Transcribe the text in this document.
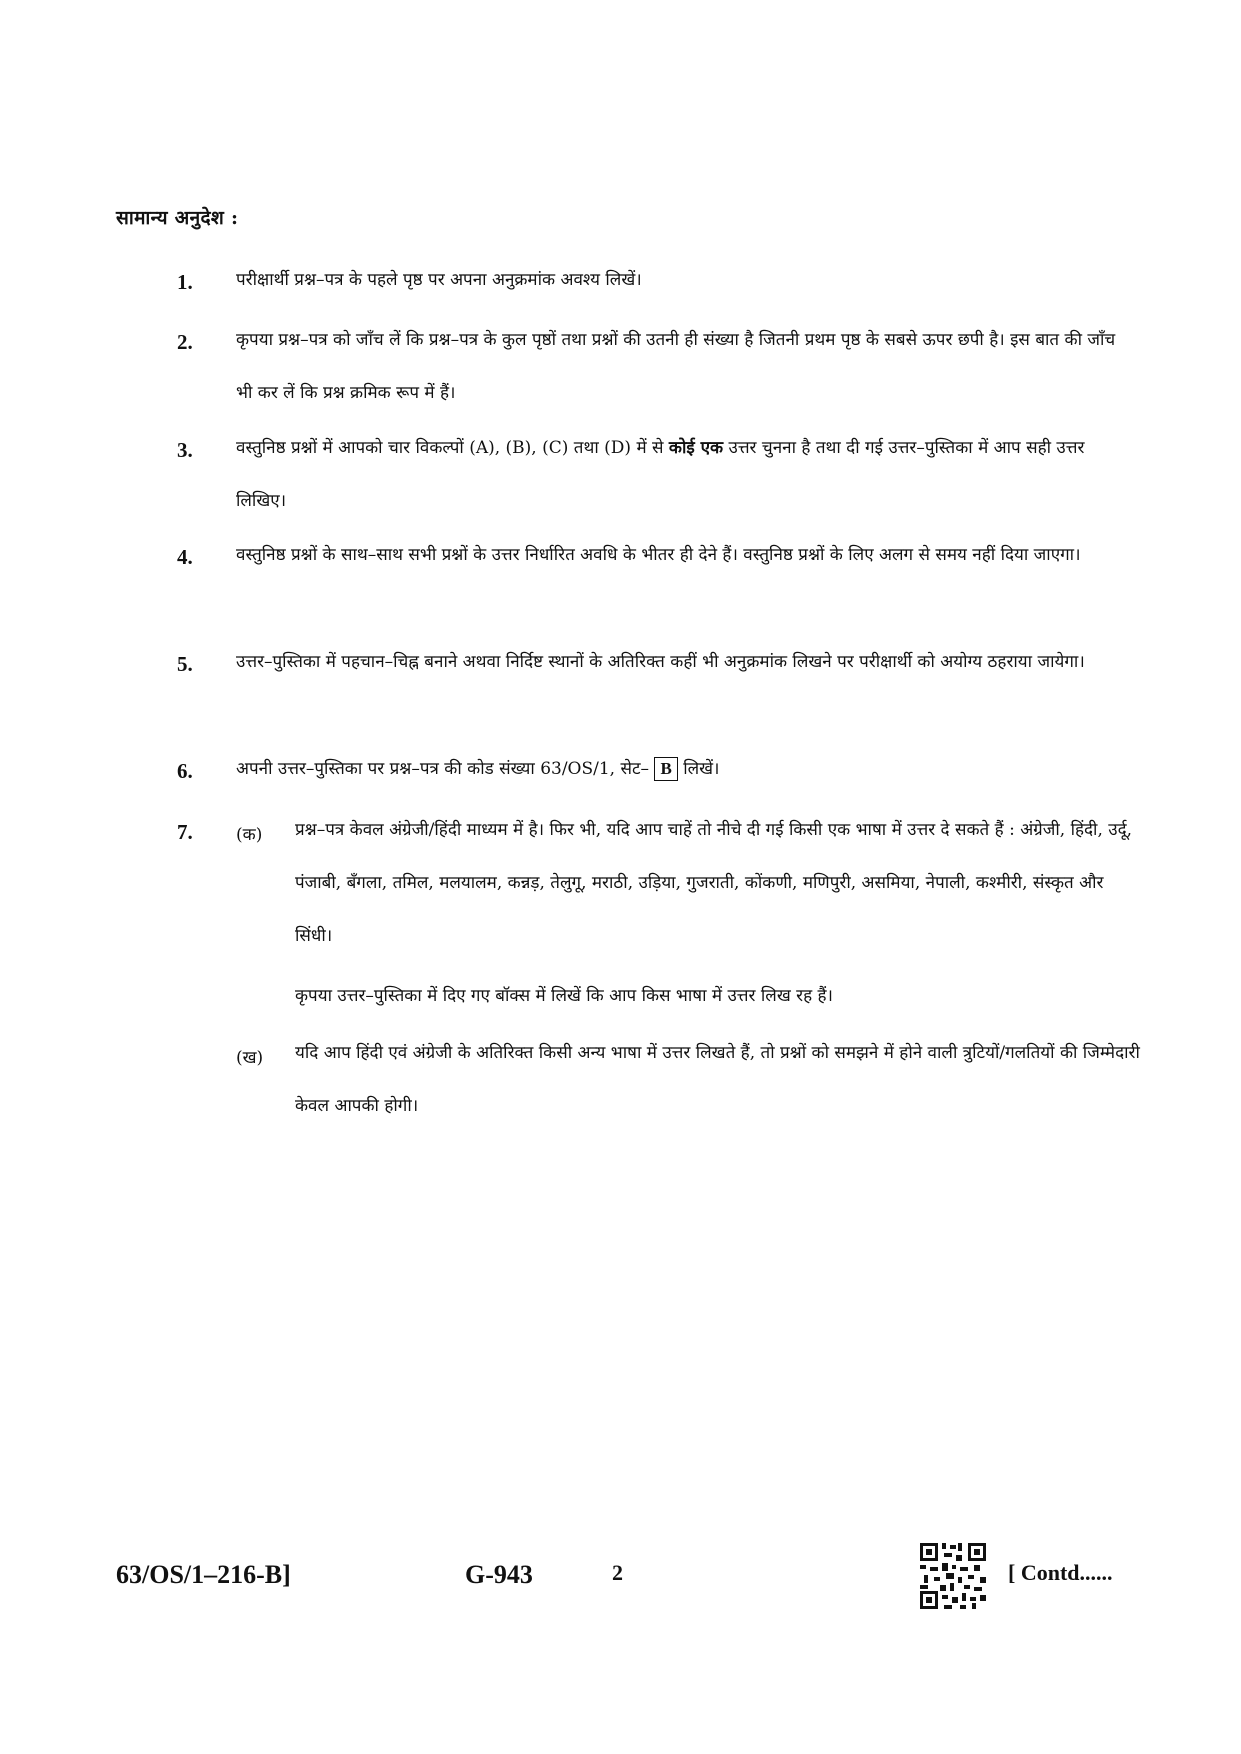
सामान्य अनुदेश :
1.	परीक्षार्थी प्रश्न–पत्र के पहले पृष्ठ पर अपना अनुक्रमांक अवश्य लिखें।
2.	कृपया प्रश्न–पत्र को जाँच लें कि प्रश्न–पत्र के कुल पृष्ठों तथा प्रश्नों की उतनी ही संख्या है जितनी प्रथम पृष्ठ के सबसे ऊपर छपी है। इस बात की जाँच भी कर लें कि प्रश्न क्रमिक रूप में हैं।
3.	वस्तुनिष्ठ प्रश्नों में आपको चार विकल्पों (A), (B), (C) तथा (D) में से कोई एक उत्तर चुनना है तथा दी गई उत्तर–पुस्तिका में आप सही उत्तर लिखिए।
4.	वस्तुनिष्ठ प्रश्नों के साथ–साथ सभी प्रश्नों के उत्तर निर्धारित अवधि के भीतर ही देने हैं। वस्तुनिष्ठ प्रश्नों के लिए अलग से समय नहीं दिया जाएगा।
5.	उत्तर–पुस्तिका में पहचान–चिह्न बनाने अथवा निर्दिष्ट स्थानों के अतिरिक्त कहीं भी अनुक्रमांक लिखने पर परीक्षार्थी को अयोग्य ठहराया जायेगा।
6.	अपनी उत्तर–पुस्तिका पर प्रश्न–पत्र की कोड संख्या 63/OS/1, सेट– B लिखें।
7.	(क) प्रश्न–पत्र केवल अंग्रेजी/हिंदी माध्यम में है। फिर भी, यदि आप चाहें तो नीचे दी गई किसी एक भाषा में उत्तर दे सकते हैं : अंग्रेजी, हिंदी, उर्दू, पंजाबी, बँगला, तमिल, मलयालम, कन्नड़, तेलुगू, मराठी, उड़िया, गुजराती, कोंकणी, मणिपुरी, असमिया, नेपाली, कश्मीरी, संस्कृत और सिंधी।
कृपया उत्तर–पुस्तिका में दिए गए बॉक्स में लिखें कि आप किस भाषा में उत्तर लिख रह हैं।
(ख) यदि आप हिंदी एवं अंग्रेजी के अतिरिक्त किसी अन्य भाषा में उत्तर लिखते हैं, तो प्रश्नों को समझने में होने वाली त्रुटियों/गलतियों की जिम्मेदारी केवल आपकी होगी।
63/OS/1–216-B]	G-943	2	[ Contd......
